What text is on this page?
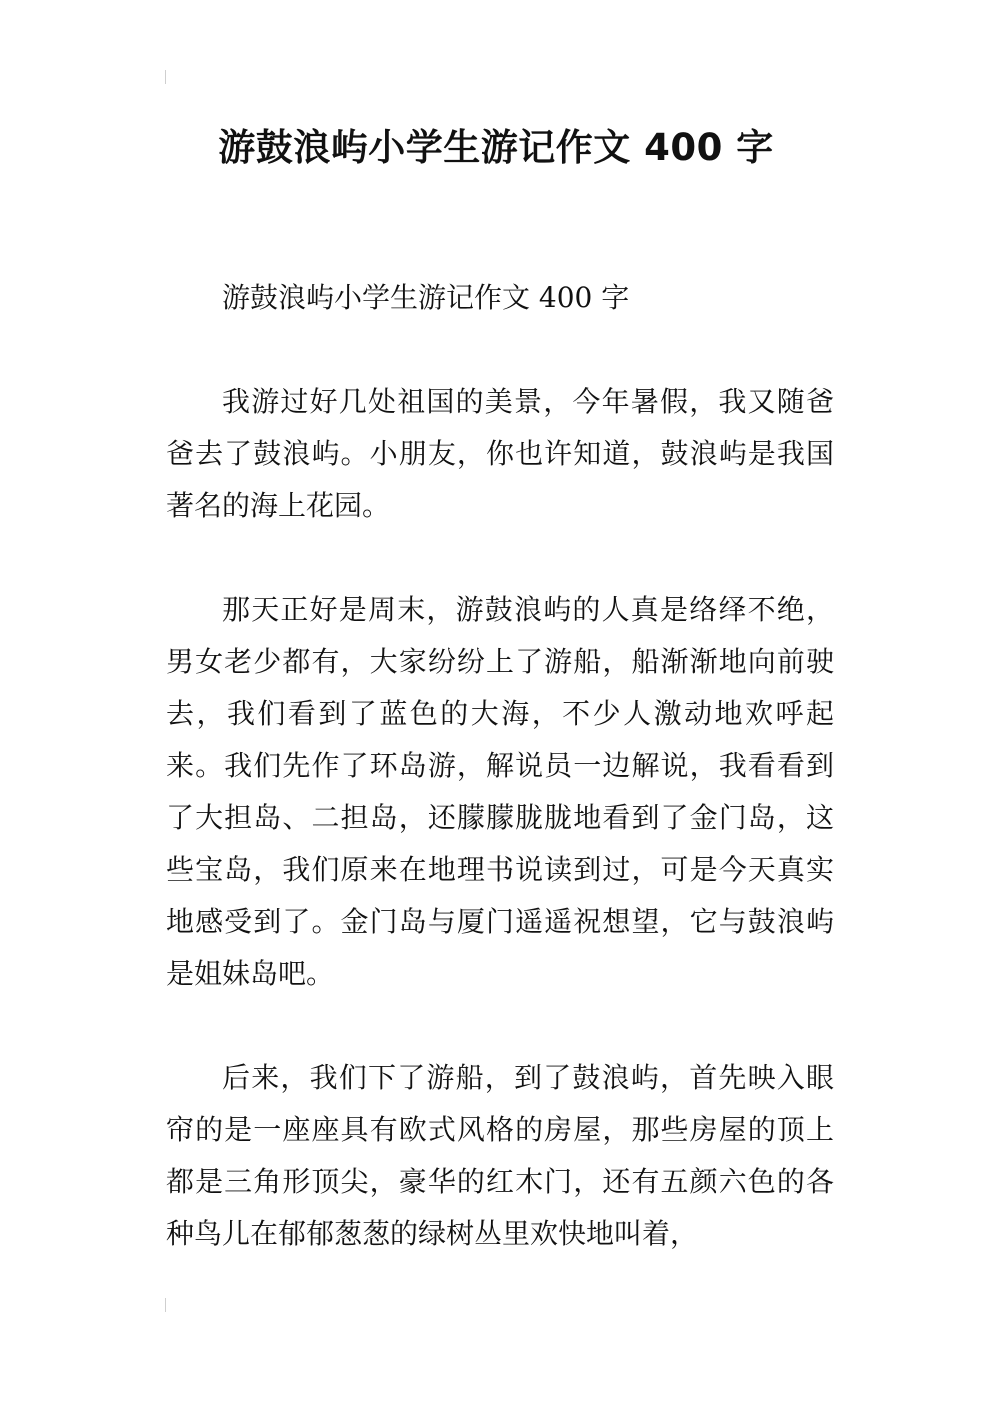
游鼓浪屿小学生游记作文 400 字

游鼓浪屿小学生游记作文 400 字

我游过好几处祖国的美景，今年暑假，我又随爸爸去了鼓浪屿。小朋友，你也许知道，鼓浪屿是我国著名的海上花园。

那天正好是周末，游鼓浪屿的人真是络绎不绝，男女老少都有，大家纷纷上了游船，船渐渐地向前驶去，我们看到了蓝色的大海，不少人激动地欢呼起来。我们先作了环岛游，解说员一边解说，我看看到了大担岛、二担岛，还朦朦胧胧地看到了金门岛，这些宝岛，我们原来在地理书说读到过，可是今天真实地感受到了。金门岛与厦门遥遥祝想望，它与鼓浪屿是姐妹岛吧。

后来，我们下了游船，到了鼓浪屿，首先映入眼帘的是一座座具有欧式风格的房屋，那些房屋的顶上都是三角形顶尖，豪华的红木门，还有五颜六色的各种鸟儿在郁郁葱葱的绿树丛里欢快地叫着，
